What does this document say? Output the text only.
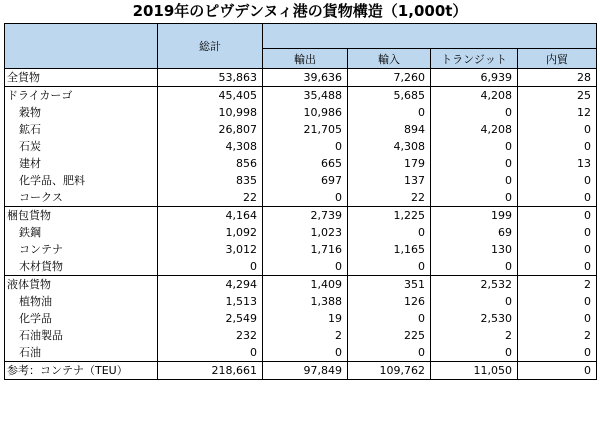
2019年のピヴデンヌィ港の貨物構造（1,000t）
	総計				
		輸出	輸入	トランジット	内貿
全貨物	53,863	39,636	7,260	6,939	28
ドライカーゴ	45,405	35,488	5,685	4,208	25
穀物	10,998	10,986	0	0	12
鉱石	26,807	21,705	894	4,208	0
石炭	4,308	0	4,308	0	0
建材	856	665	179	0	13
化学品、肥料	835	697	137	0	0
コークス	22	0	22	0	0
梱包貨物	4,164	2,739	1,225	199	0
鉄鋼	1,092	1,023	0	69	0
コンテナ	3,012	1,716	1,165	130	0
木材貨物	0	0	0	0	0
液体貨物	4,294	1,409	351	2,532	2
植物油	1,513	1,388	126	0	0
化学品	2,549	19	0	2,530	0
石油製品	232	2	225	2	2
石油	0	0	0	0	0
参考：コンテナ（TEU）	218,661	97,849	109,762	11,050	0
